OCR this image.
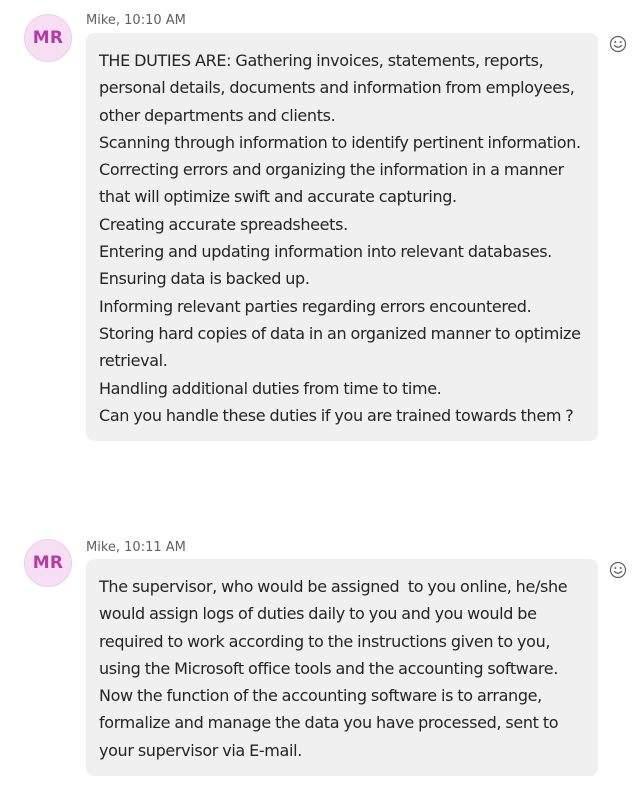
MR
Mike, 10:10 AM
THE DUTIES ARE: Gathering invoices, statements, reports,
personal details, documents and information from employees,
other departments and clients.
Scanning through information to identify pertinent information.
Correcting errors and organizing the information in a manner
that will optimize swift and accurate capturing.
Creating accurate spreadsheets.
Entering and updating information into relevant databases.
Ensuring data is backed up.
Informing relevant parties regarding errors encountered.
Storing hard copies of data in an organized manner to optimize
retrieval.
Handling additional duties from time to time.
Can you handle these duties if you are trained towards them ?
MR
Mike, 10:11 AM
The supervisor, who would be assigned  to you online, he/she
would assign logs of duties daily to you and you would be
required to work according to the instructions given to you,
using the Microsoft office tools and the accounting software.
Now the function of the accounting software is to arrange,
formalize and manage the data you have processed, sent to
your supervisor via E-mail.
